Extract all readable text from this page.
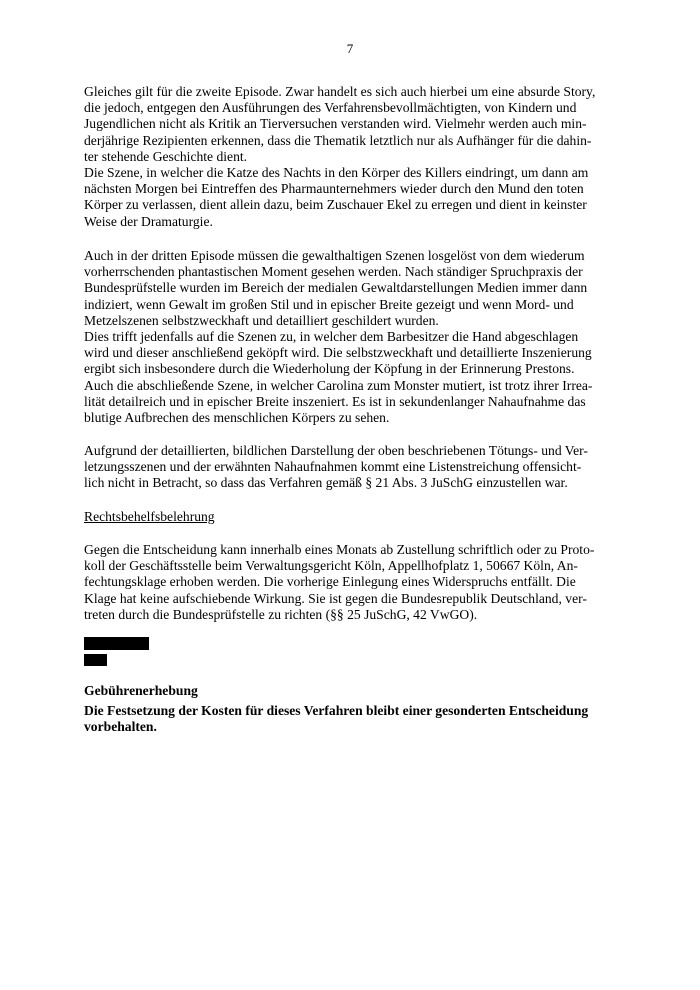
7
Gleiches gilt für die zweite Episode. Zwar handelt es sich auch hierbei um eine absurde Story,
die jedoch, entgegen den Ausführungen des Verfahrensbevollmächtigten, von Kindern und
Jugendlichen nicht als Kritik an Tierversuchen verstanden wird. Vielmehr werden auch min-
derjährige Rezipienten erkennen, dass die Thematik letztlich nur als Aufhänger für die dahin-
ter stehende Geschichte dient.
Die Szene, in welcher die Katze des Nachts in den Körper des Killers eindringt, um dann am
nächsten Morgen bei Eintreffen des Pharmaunternehmers wieder durch den Mund den toten
Körper zu verlassen, dient allein dazu, beim Zuschauer Ekel zu erregen und dient in keinster
Weise der Dramaturgie.
Auch in der dritten Episode müssen die gewalthaltigen Szenen losgelöst von dem wiederum
vorherrschenden phantastischen Moment gesehen werden. Nach ständiger Spruchpraxis der
Bundesprüfstelle wurden im Bereich der medialen Gewaltdarstellungen Medien immer dann
indiziert, wenn Gewalt im großen Stil und in epischer Breite gezeigt und wenn Mord- und
Metzelszenen selbstzweckhaft und detailliert geschildert wurden.
Dies trifft jedenfalls auf die Szenen zu, in welcher dem Barbesitzer die Hand abgeschlagen
wird und dieser anschließend geköpft wird. Die selbstzweckhaft und detaillierte Inszenierung
ergibt sich insbesondere durch die Wiederholung der Köpfung in der Erinnerung Prestons.
Auch die abschließende Szene, in welcher Carolina zum Monster mutiert, ist trotz ihrer Irrea-
lität detailreich und in epischer Breite inszeniert. Es ist in sekundenlanger Nahaufnahme das
blutige Aufbrechen des menschlichen Körpers zu sehen.
Aufgrund der detaillierten, bildlichen Darstellung der oben beschriebenen Tötungs- und Ver-
letzungsszenen und der erwähnten Nahaufnahmen kommt eine Listenstreichung offensicht-
lich nicht in Betracht, so dass das Verfahren gemäß § 21 Abs. 3 JuSchG einzustellen war.
Rechtsbehelfsbelehrung
Gegen die Entscheidung kann innerhalb eines Monats ab Zustellung schriftlich oder zu Proto-
koll der Geschäftsstelle beim Verwaltungsgericht Köln, Appellhofplatz 1, 50667 Köln, An-
fechtungsklage erhoben werden. Die vorherige Einlegung eines Widerspruchs entfällt. Die
Klage hat keine aufschiebende Wirkung. Sie ist gegen die Bundesrepublik Deutschland, ver-
treten durch die Bundesprüfstelle zu richten (§§ 25 JuSchG, 42 VwGO).
Gebührenerhebung
Die Festsetzung der Kosten für dieses Verfahren bleibt einer gesonderten Entscheidung
vorbehalten.
